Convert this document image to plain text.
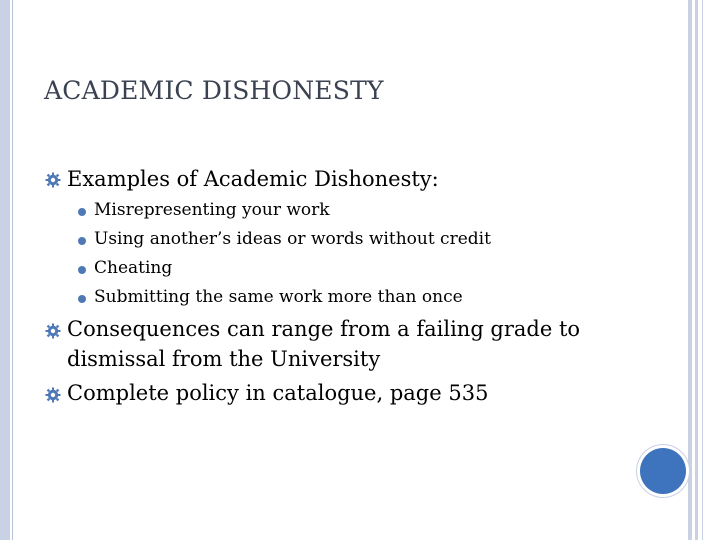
ACADEMIC DISHONESTY
Examples of Academic Dishonesty:
Misrepresenting your work
Using another’s ideas or words without credit
Cheating
Submitting the same work more than once
Consequences can range from a failing grade to
dismissal from the University
Complete policy in catalogue, page 535
